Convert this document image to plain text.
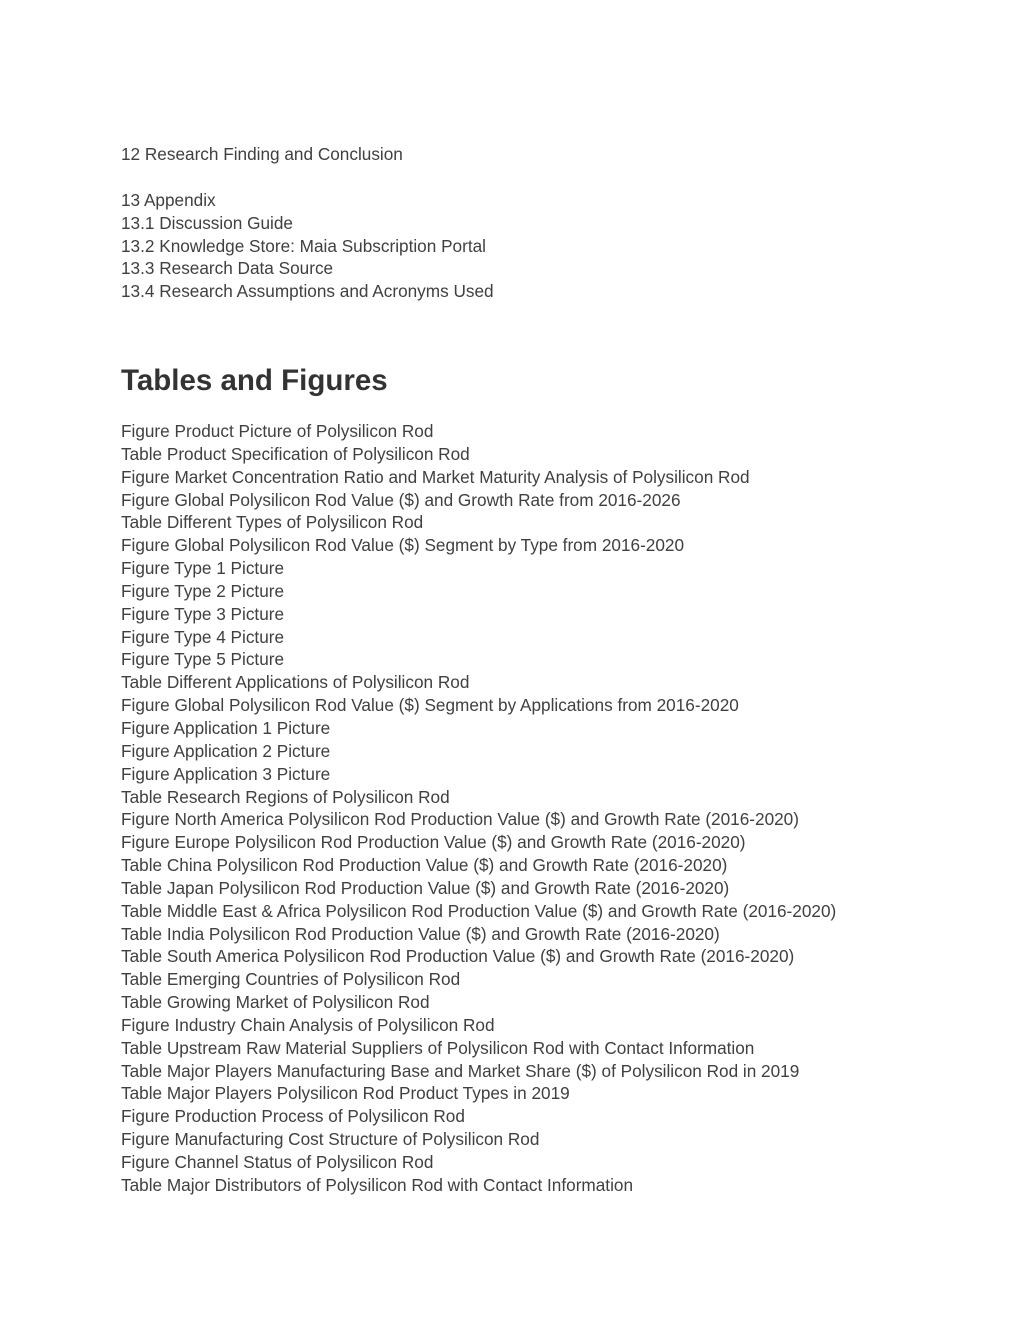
12 Research Finding and Conclusion
13 Appendix
13.1 Discussion Guide
13.2 Knowledge Store: Maia Subscription Portal
13.3 Research Data Source
13.4 Research Assumptions and Acronyms Used
Tables and Figures
Figure Product Picture of Polysilicon Rod
Table Product Specification of Polysilicon Rod
Figure Market Concentration Ratio and Market Maturity Analysis of Polysilicon Rod
Figure Global Polysilicon Rod Value ($) and Growth Rate from 2016-2026
Table Different Types of Polysilicon Rod
Figure Global Polysilicon Rod Value ($) Segment by Type from 2016-2020
Figure Type 1 Picture
Figure Type 2 Picture
Figure Type 3 Picture
Figure Type 4 Picture
Figure Type 5 Picture
Table Different Applications of Polysilicon Rod
Figure Global Polysilicon Rod Value ($) Segment by Applications from 2016-2020
Figure Application 1 Picture
Figure Application 2 Picture
Figure Application 3 Picture
Table Research Regions of Polysilicon Rod
Figure North America Polysilicon Rod Production Value ($) and Growth Rate (2016-2020)
Figure Europe Polysilicon Rod Production Value ($) and Growth Rate (2016-2020)
Table China Polysilicon Rod Production Value ($) and Growth Rate (2016-2020)
Table Japan Polysilicon Rod Production Value ($) and Growth Rate (2016-2020)
Table Middle East & Africa Polysilicon Rod Production Value ($) and Growth Rate (2016-2020)
Table India Polysilicon Rod Production Value ($) and Growth Rate (2016-2020)
Table South America Polysilicon Rod Production Value ($) and Growth Rate (2016-2020)
Table Emerging Countries of Polysilicon Rod
Table Growing Market of Polysilicon Rod
Figure Industry Chain Analysis of Polysilicon Rod
Table Upstream Raw Material Suppliers of Polysilicon Rod with Contact Information
Table Major Players Manufacturing Base and Market Share ($) of Polysilicon Rod in 2019
Table Major Players Polysilicon Rod Product Types in 2019
Figure Production Process of Polysilicon Rod
Figure Manufacturing Cost Structure of Polysilicon Rod
Figure Channel Status of Polysilicon Rod
Table Major Distributors of Polysilicon Rod with Contact Information
